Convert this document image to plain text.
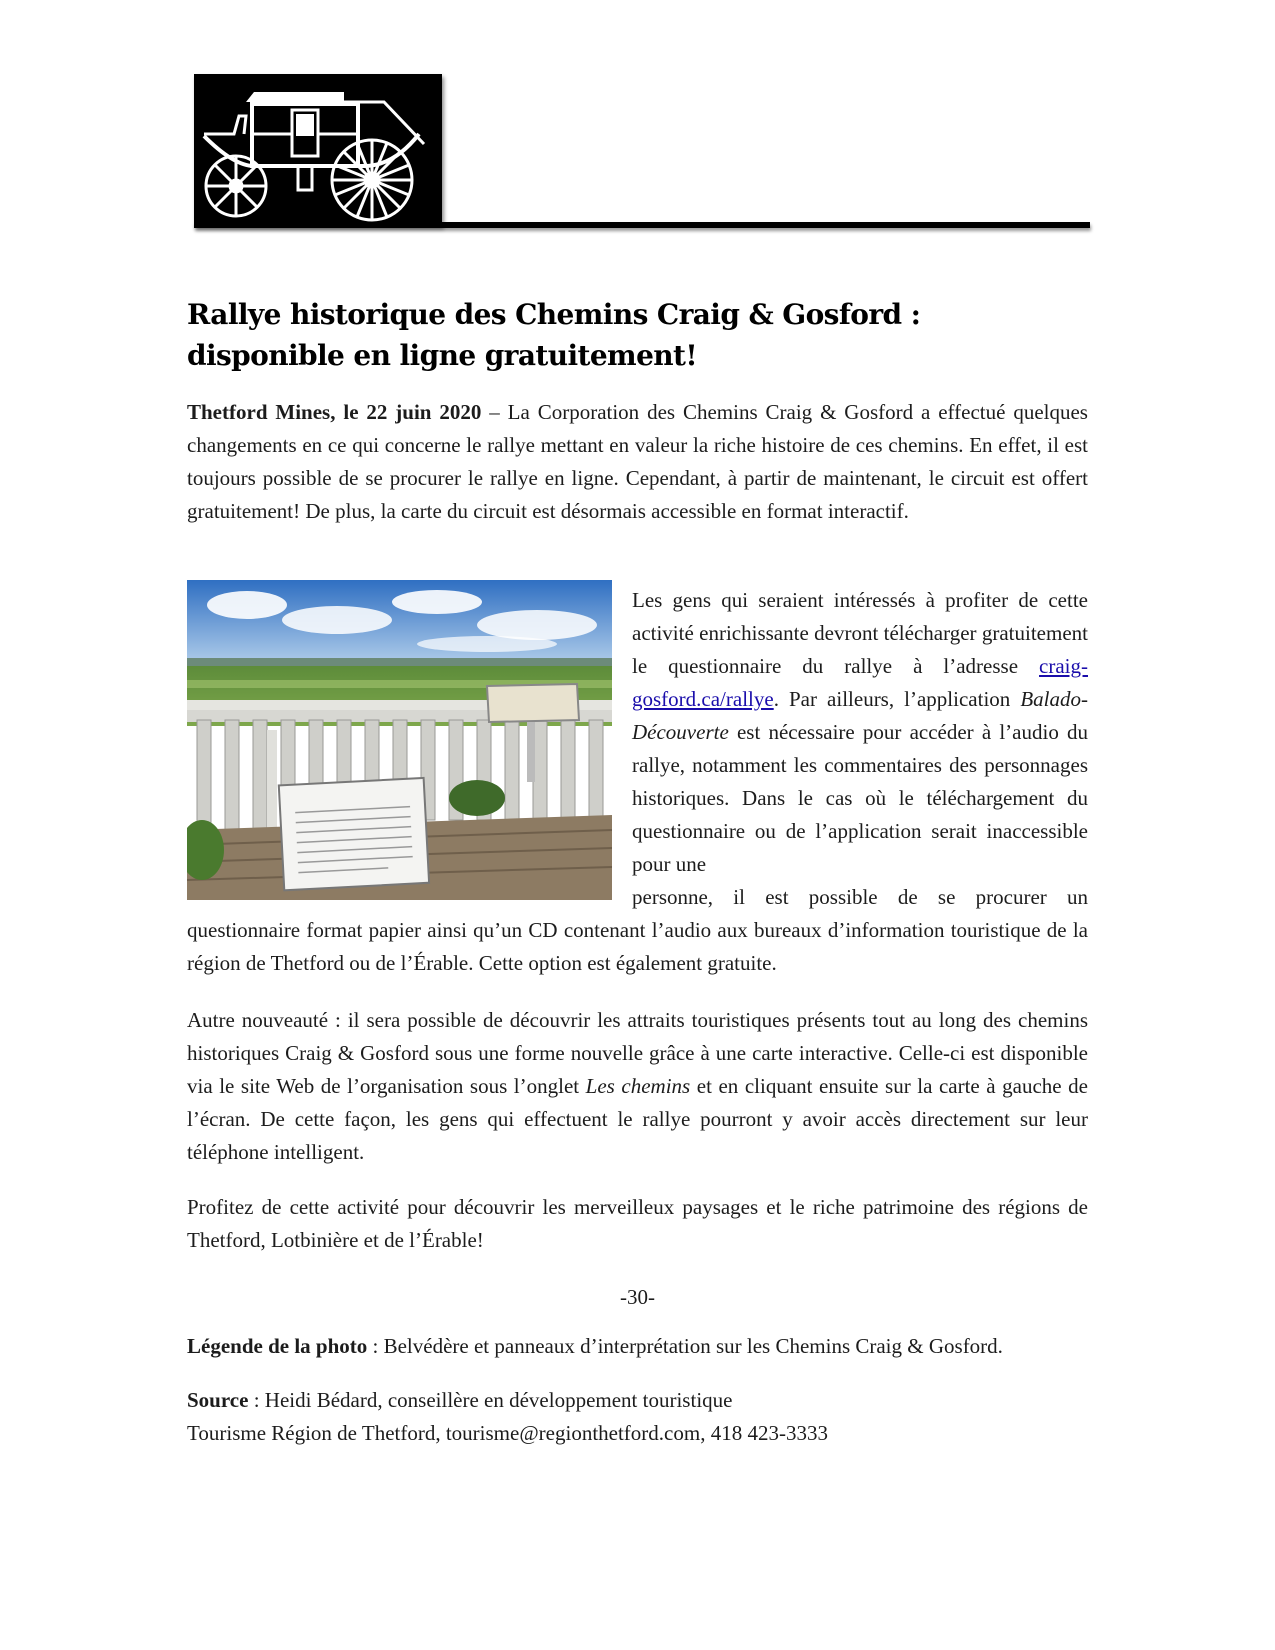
Rallye historique des Chemins Craig & Gosford :
disponible en ligne gratuitement!

Thetford Mines, le 22 juin 2020 – La Corporation des Chemins Craig & Gosford a effectué quelques changements en ce qui concerne le rallye mettant en valeur la riche histoire de ces chemins. En effet, il est toujours possible de se procurer le rallye en ligne. Cependant, à partir de maintenant, le circuit est offert gratuitement! De plus, la carte du circuit est désormais accessible en format interactif.

Les gens qui seraient intéressés à profiter de cette activité enrichissante devront télécharger gratuitement le questionnaire du rallye à l’adresse craig-gosford.ca/rallye. Par ailleurs, l’application Balado-Découverte est nécessaire pour accéder à l’audio du rallye, notamment les commentaires des personnages historiques. Dans le cas où le téléchargement du questionnaire ou de l’application serait inaccessible pour une
personne, il est possible de se procurer un

questionnaire format papier ainsi qu’un CD contenant l’audio aux bureaux d’information touristique de la région de Thetford ou de l’Érable. Cette option est également gratuite.

Autre nouveauté : il sera possible de découvrir les attraits touristiques présents tout au long des chemins historiques Craig & Gosford sous une forme nouvelle grâce à une carte interactive. Celle-ci est disponible via le site Web de l’organisation sous l’onglet Les chemins et en cliquant ensuite sur la carte à gauche de l’écran. De cette façon, les gens qui effectuent le rallye pourront y avoir accès directement sur leur téléphone intelligent.

Profitez de cette activité pour découvrir les merveilleux paysages et le riche patrimoine des régions de Thetford, Lotbinière et de l’Érable!

-30-

Légende de la photo : Belvédère et panneaux d’interprétation sur les Chemins Craig & Gosford.

Source : Heidi Bédard, conseillère en développement touristique
Tourisme Région de Thetford, tourisme@regionthetford.com, 418 423-3333
